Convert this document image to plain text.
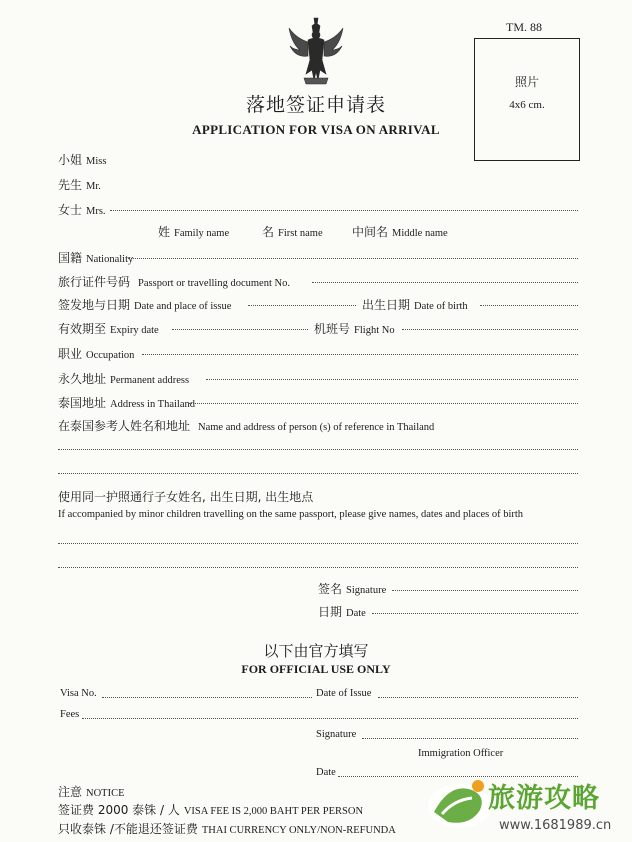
TM. 88
照片
4x6 cm.
落地签证申请表
APPLICATION FOR VISA ON ARRIVAL
小姐 Miss
先生 Mr.
女士 Mrs.
姓 Family name	名 First name 中间名 Middle name
国籍 Nationality
旅行证件号码 Passport or travelling document No.
签发地与日期 Date and place of issue	出生日期 Date of birth
有效期至 Expiry date	机班号 Flight No
职业 Occupation
永久地址 Permanent address
泰国地址 Address in Thailand
在泰国参考人姓名和地址 Name and address of person (s) of reference in Thailand
使用同一护照通行子女姓名, 出生日期, 出生地点
If accompanied by minor children travelling on the same passport, please give names, dates and places of birth
签名 Signature
日期 Date
以下由官方填写
FOR OFFICIAL USE ONLY
Visa No.	Date of Issue
Fees
Signature
Immigration Officer
Date
注意 NOTICE
签证费 2000 泰铢 / 人 VISA FEE IS 2,000 BAHT PER PERSON
只收泰铢 /不能退还签证费 THAI CURRENCY ONLY/NON-REFUNDA
旅游攻略
www.1681989.cn
